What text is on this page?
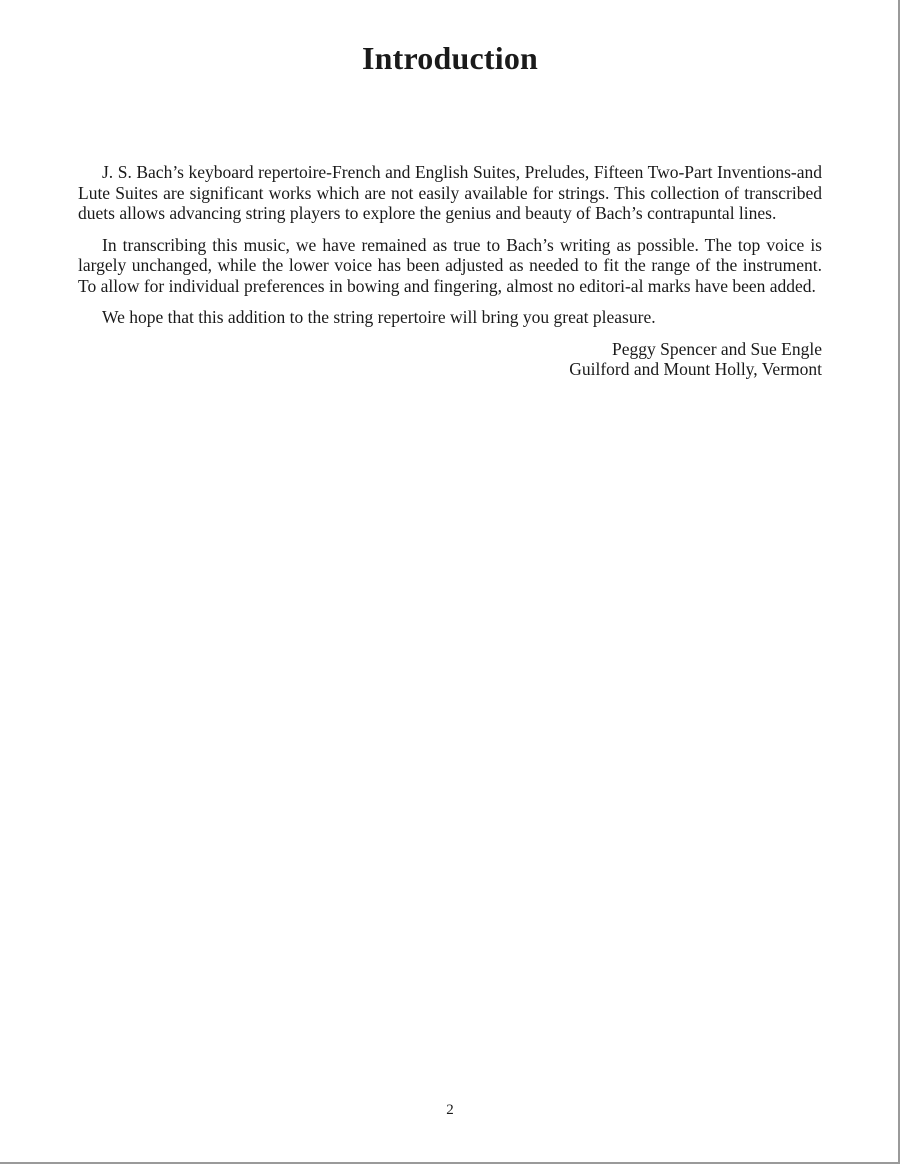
Introduction

J. S. Bach’s keyboard repertoire-French and English Suites, Preludes, Fifteen Two-Part Inventions-and Lute Suites are significant works which are not easily available for strings. This collection of transcribed duets allows advancing string players to explore the genius and beauty of Bach’s contrapuntal lines.

In transcribing this music, we have remained as true to Bach’s writing as possible. The top voice is largely unchanged, while the lower voice has been adjusted as needed to fit the range of the instrument. To allow for individual preferences in bowing and fingering, almost no editori-al marks have been added.

We hope that this addition to the string repertoire will bring you great pleasure.

Peggy Spencer and Sue Engle
Guilford and Mount Holly, Vermont
2
